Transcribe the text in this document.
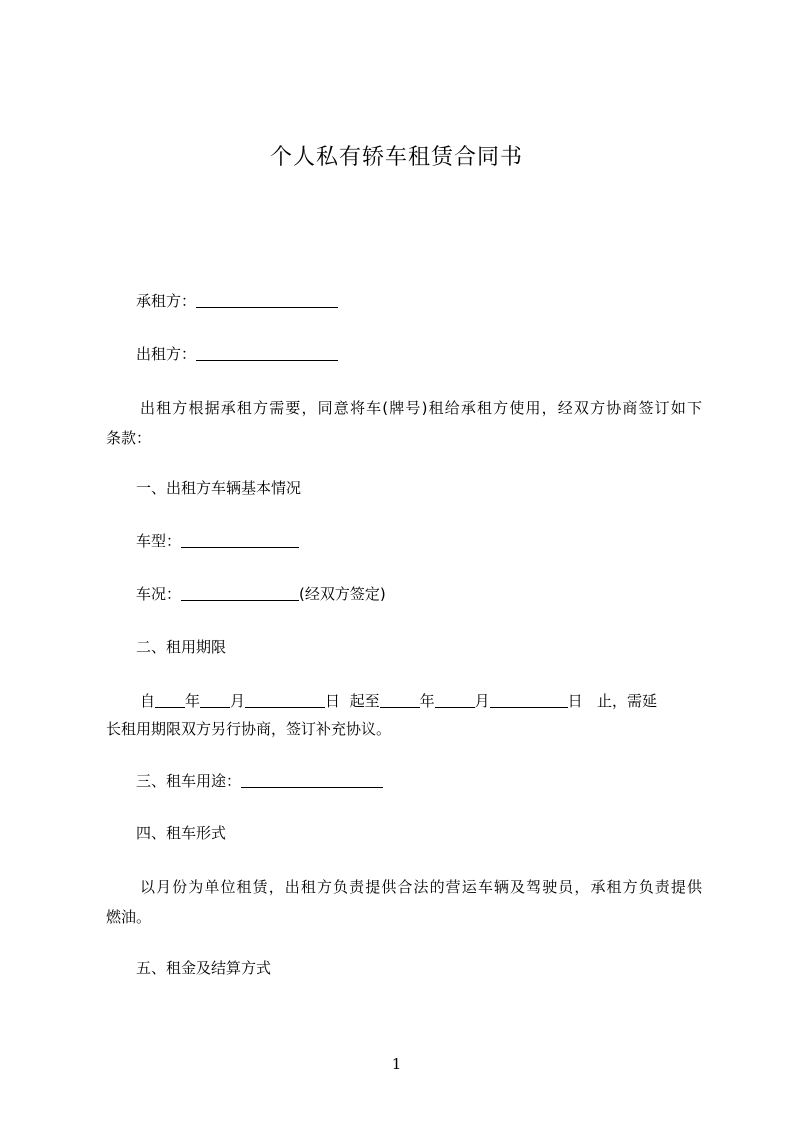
个人私有轿车租赁合同书
承租方：
出租方：
出租方根据承租方需要，同意将车(牌号)租给承租方使用，经双方协商签订如下
条款：
一、出租方车辆基本情况
车型：
车况：	(经双方签定)
二、租用期限
自 年 月	日 起至	年	月	日 止，需延
长租用期限双方另行协商，签订补充协议。
三、租车用途：
四、租车形式
以月份为单位租赁，出租方负责提供合法的营运车辆及驾驶员，承租方负责提供
燃油。
五、租金及结算方式
1
